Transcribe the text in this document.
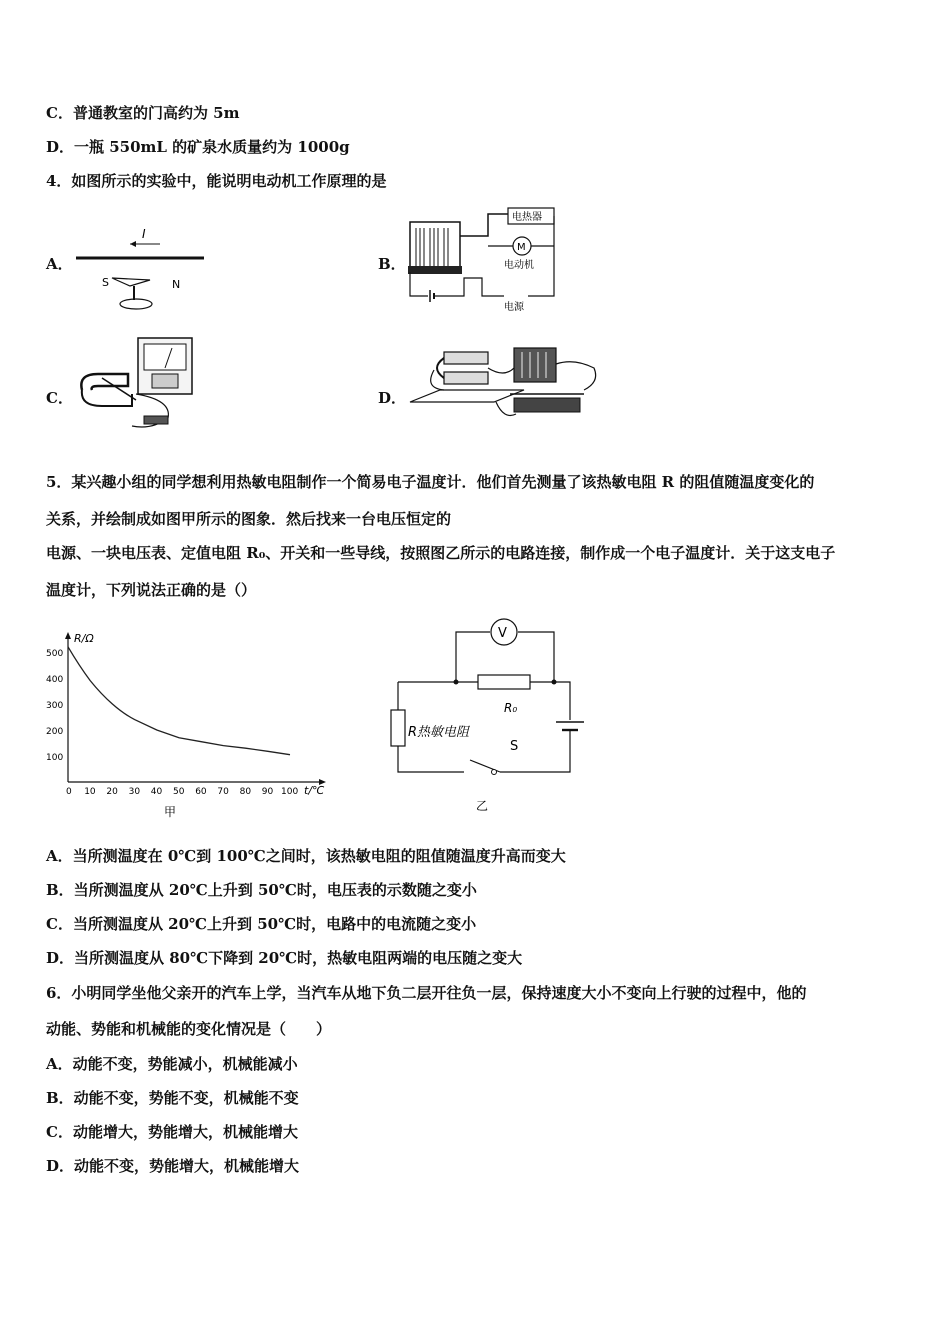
C．普通教室的门高约为 5m
D．一瓶 550mL 的矿泉水质量约为 1000g
4．如图所示的实验中，能说明电动机工作原理的是
A．
I
S	N
B．
电热器
M
电动机
电源
C．	D．
5．某兴趣小组的同学想利用热敏电阻制作一个简易电子温度计．他们首先测量了该热敏电阻 R 的阻值随温度变化的
关系，并绘制成如图甲所示的图象．然后找来一台电压恒定的
电源、一块电压表、定值电阻 R₀、开关和一些导线，按照图乙所示的电路连接，制作成一个电子温度计．关于这支电子
温度计，下列说法正确的是（）
R/Ω
t/℃
500
400
300
200
100
0 10 20 30 40 50 60 70 80 90 100
甲
V
R₀
S
R热敏电阻
乙
A．当所测温度在 0℃到 100℃之间时，该热敏电阻的阻值随温度升高而变大
B．当所测温度从 20℃上升到 50℃时，电压表的示数随之变小
C．当所测温度从 20℃上升到 50℃时，电路中的电流随之变小
D．当所测温度从 80℃下降到 20℃时，热敏电阻两端的电压随之变大
6．小明同学坐他父亲开的汽车上学，当汽车从地下负二层开往负一层，保持速度大小不变向上行驶的过程中，他的
动能、势能和机械能的变化情况是（　　）
A．动能不变，势能减小，机械能减小
B．动能不变，势能不变，机械能不变
C．动能增大，势能增大，机械能增大
D．动能不变，势能增大，机械能增大
